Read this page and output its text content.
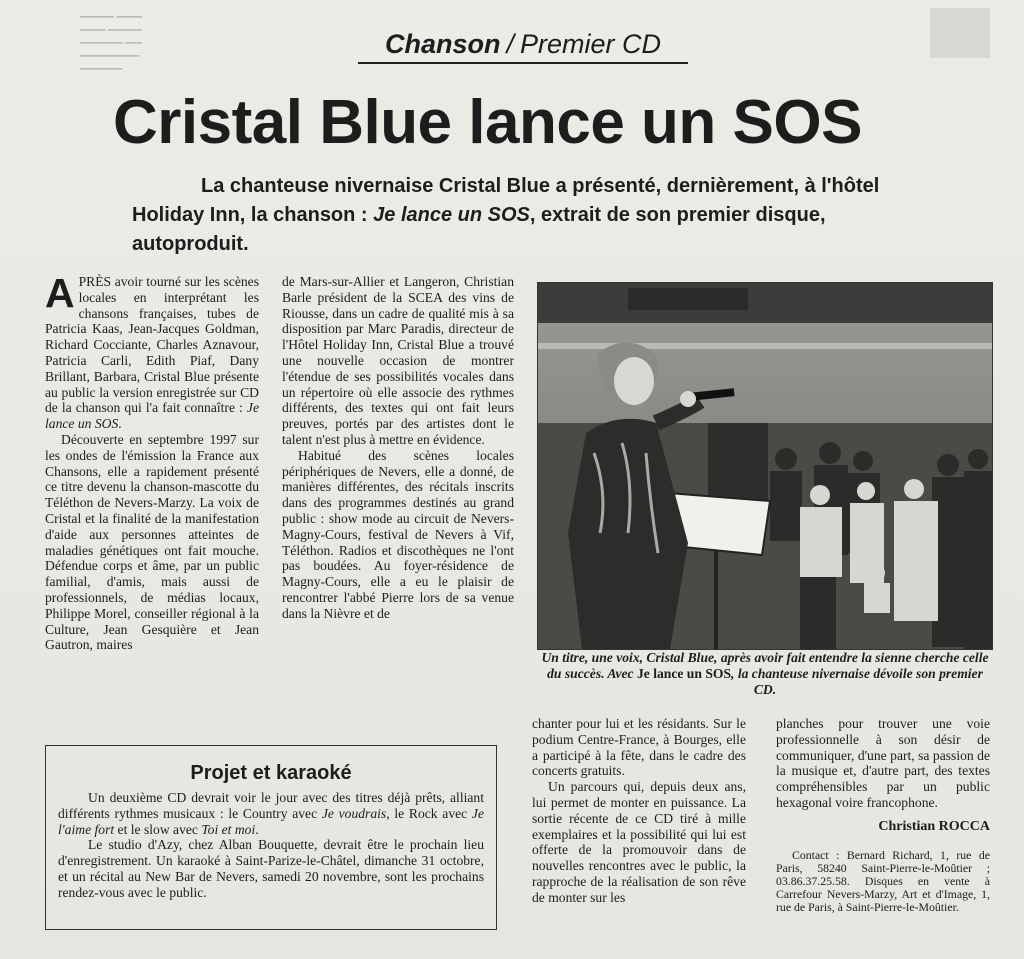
▁▁▁▁ ▁▁▁
▁▁▁ ▁▁▁▁
▁▁▁▁▁ ▁▁
▁▁▁▁▁▁▁
▁▁▁▁▁
Chanson / Premier CD
Cristal Blue lance un SOS
La chanteuse nivernaise Cristal Blue a présenté, dernièrement, à l'hôtel Holiday Inn, la chanson : Je lance un SOS, extrait de son premier disque, autoproduit.

APRÈS avoir tourné sur les scènes locales en interprétant les chansons françaises, tubes de Patricia Kaas, Jean-Jacques Goldman, Richard Cocciante, Charles Aznavour, Patricia Carli, Edith Piaf, Dany Brillant, Barbara, Cristal Blue présente au public la version enregistrée sur CD de la chanson qui l'a fait connaître : Je lance un SOS.

Découverte en septembre 1997 sur les ondes de l'émission la France aux Chansons, elle a rapidement présenté ce titre devenu la chanson-mascotte du Téléthon de Nevers-Marzy. La voix de Cristal et la finalité de la manifestation d'aide aux personnes atteintes de maladies génétiques ont fait mouche. Défendue corps et âme, par un public familial, d'amis, mais aussi de professionnels, de médias locaux, Philippe Morel, conseiller régional à la Culture, Jean Gesquière et Jean Gautron, maires

de Mars-sur-Allier et Langeron, Christian Barle président de la SCEA des vins de Riousse, dans un cadre de qualité mis à sa disposition par Marc Paradis, directeur de l'Hôtel Holiday Inn, Cristal Blue a trouvé une nouvelle occasion de montrer l'étendue de ses possibilités vocales dans un répertoire où elle associe des rythmes différents, des textes qui ont fait leurs preuves, portés par des artistes dont le talent n'est plus à mettre en évidence.

Habitué des scènes locales périphériques de Nevers, elle a donné, de manières différentes, des récitals inscrits dans des programmes destinés au grand public : show mode au circuit de Nevers-Magny-Cours, festival de Nevers à Vif, Téléthon. Radios et discothèques ne l'ont pas boudées. Au foyer-résidence de Magny-Cours, elle a eu le plaisir de rencontrer l'abbé Pierre lors de sa venue dans la Nièvre et de

Un titre, une voix, Cristal Blue, après avoir fait entendre la sienne cherche celle du succès. Avec Je lance un SOS, la chanteuse nivernaise dévoile son premier CD.

chanter pour lui et les résidants. Sur le podium Centre-France, à Bourges, elle a participé à la fête, dans le cadre des concerts gratuits.

Un parcours qui, depuis deux ans, lui permet de monter en puissance. La sortie récente de ce CD tiré à mille exemplaires et la possibilité qui lui est offerte de la promouvoir dans de nouvelles rencontres avec le public, la rapproche de la réalisation de son rêve de monter sur les

planches pour trouver une voie professionnelle à son désir de communiquer, d'une part, sa passion de la musique et, d'autre part, des textes compréhensibles par un public hexagonal voire francophone.

Christian ROCCA
Contact : Bernard Richard, 1, rue de Paris, 58240 Saint-Pierre-le-Moûtier ; 03.86.37.25.58. Disques en vente à Carrefour Nevers-Marzy, Art et d'Image, 1, rue de Paris, à Saint-Pierre-le-Moûtier.
Projet et karaoké

Un deuxième CD devrait voir le jour avec des titres déjà prêts, alliant différents rythmes musicaux : le Country avec Je voudrais, le Rock avec Je l'aime fort et le slow avec Toi et moi.

Le studio d'Azy, chez Alban Bouquette, devrait être le prochain lieu d'enregistrement. Un karaoké à Saint-Parize-le-Châtel, dimanche 31 octobre, et un récital au New Bar de Nevers, samedi 20 novembre, sont les prochains rendez-vous avec le public.
